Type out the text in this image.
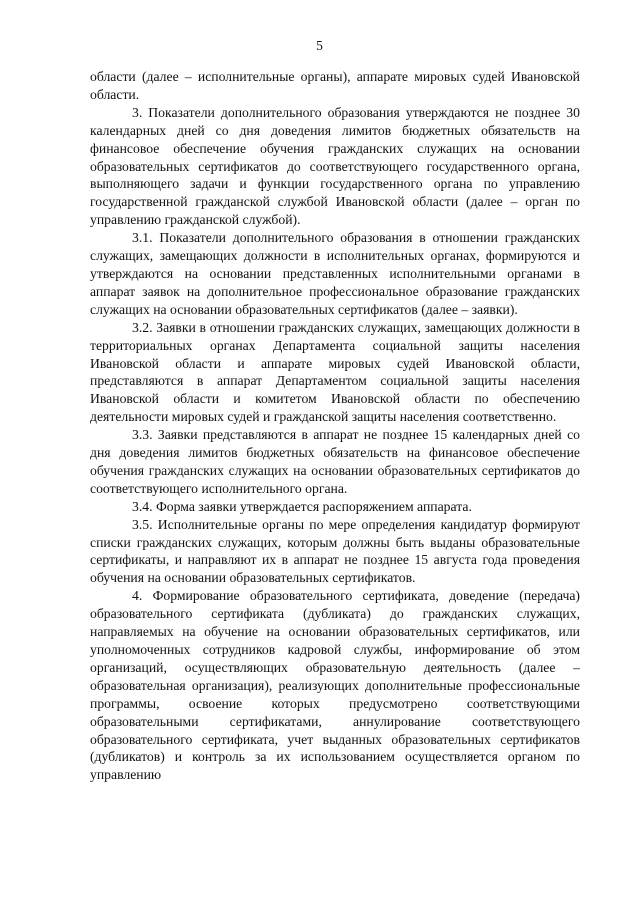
5

области (далее – исполнительные органы), аппарате мировых судей Ивановской области.

3. Показатели дополнительного образования утверждаются не позднее 30 календарных дней со дня доведения лимитов бюджетных обязательств на финансовое обеспечение обучения гражданских служащих на основании образовательных сертификатов до соответствующего государственного органа, выполняющего задачи и функции государственного органа по управлению государственной гражданской службой Ивановской области (далее – орган по управлению гражданской службой).

3.1. Показатели дополнительного образования в отношении гражданских служащих, замещающих должности в исполнительных органах, формируются и утверждаются на основании представленных исполнительными органами в аппарат заявок на дополнительное профессиональное образование гражданских служащих на основании образовательных сертификатов (далее – заявки).

3.2. Заявки в отношении гражданских служащих, замещающих должности в территориальных органах Департамента социальной защиты населения Ивановской области и аппарате мировых судей Ивановской области, представляются в аппарат Департаментом социальной защиты населения Ивановской области и комитетом Ивановской области по обеспечению деятельности мировых судей и гражданской защиты населения соответственно.

3.3. Заявки представляются в аппарат не позднее 15 календарных дней со дня доведения лимитов бюджетных обязательств на финансовое обеспечение обучения гражданских служащих на основании образовательных сертификатов до соответствующего исполнительного органа.

3.4. Форма заявки утверждается распоряжением аппарата.

3.5. Исполнительные органы по мере определения кандидатур формируют списки гражданских служащих, которым должны быть выданы образовательные сертификаты, и направляют их в аппарат не позднее 15 августа года проведения обучения на основании образовательных сертификатов.

4. Формирование образовательного сертификата, доведение (передача) образовательного сертификата (дубликата) до гражданских служащих, направляемых на обучение на основании образовательных сертификатов, или уполномоченных сотрудников кадровой службы, информирование об этом организаций, осуществляющих образовательную деятельность (далее – образовательная организация), реализующих дополнительные профессиональные программы, освоение которых предусмотрено соответствующими образовательными сертификатами, аннулирование соответствующего образовательного сертификата, учет выданных образовательных сертификатов (дубликатов) и контроль за их использованием осуществляется органом по управлению
